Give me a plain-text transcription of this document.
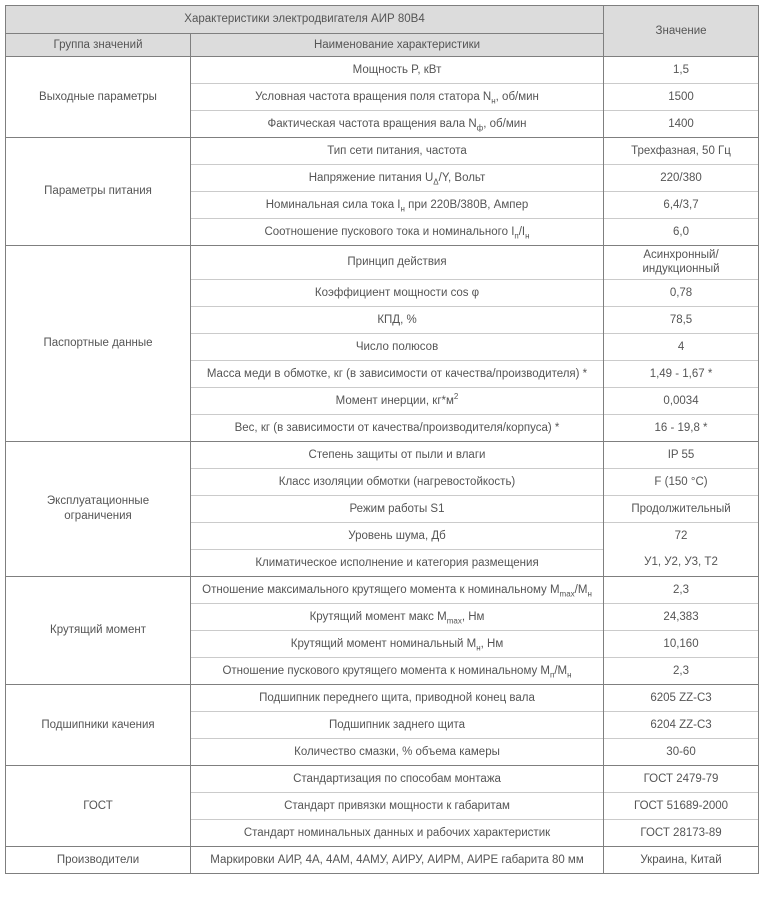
Характеристики электродвигателя АИР 80В4		Значение
Группа значений	Наименование характеристики	
Выходные параметры	Мощность P, кВт	1,5
	Условная частота вращения поля статора $N_н$, об/мин	1500
	Фактическая частота вращения вала $N_ф$, об/мин	1400
Параметры питания	Тип сети питания, частота	Трехфазная, 50 Гц
	Напряжение питания $U_\Delta/Y$, Вольт	220/380
	Номинальная сила тока $I_н$ при 220В/380В, Ампер	6,4/3,7
	Соотношение пускового тока и номинального $I_п/I_н$	6,0
Паспортные данные	Принцип действия	Асинхронный/индукционный
	Коэффициент мощности cos φ	0,78
	КПД, %	78,5
	Число полюсов	4
	Масса меди в обмотке, кг (в зависимости от качества/производителя) *	1,49 - 1,67 *
	Момент инерции, $кг*м^2$	0,0034
	Вес, кг (в зависимости от качества/производителя/корпуса) *	16 - 19,8 *
Эксплуатационные ограничения	Степень защиты от пыли и влаги	IP 55
	Класс изоляции обмотки (нагревостойкость)	F (150 °C)
	Режим работы S1	Продолжительный
	Уровень шума, Дб	72
	Климатическое исполнение и категория размещения	У1, У2, У3, Т2
Крутящий момент	Отношение максимального крутящего момента к номинальному $M_{max}/M_н$	2,3
	Крутящий момент макс $M_{max}$, Нм	24,383
	Крутящий момент номинальный $M_н$, Нм	10,160
	Отношение пускового крутящего момента к номинальному $M_п/M_н$	2,3
Подшипники качения	Подшипник переднего щита, приводной конец вала	6205 ZZ-C3
	Подшипник заднего щита	6204 ZZ-C3
	Количество смазки, % объема камеры	30-60
ГОСТ	Стандартизация по способам монтажа	ГОСТ 2479-79
	Стандарт привязки мощности к габаритам	ГОСТ 51689-2000
	Стандарт номинальных данных и рабочих характеристик	ГОСТ 28173-89
Производители	Маркировки АИР, 4А, 4АМ, 4АМУ, АИРУ, АИРМ, АИРЕ габарита 80 мм	Украина, Китай
